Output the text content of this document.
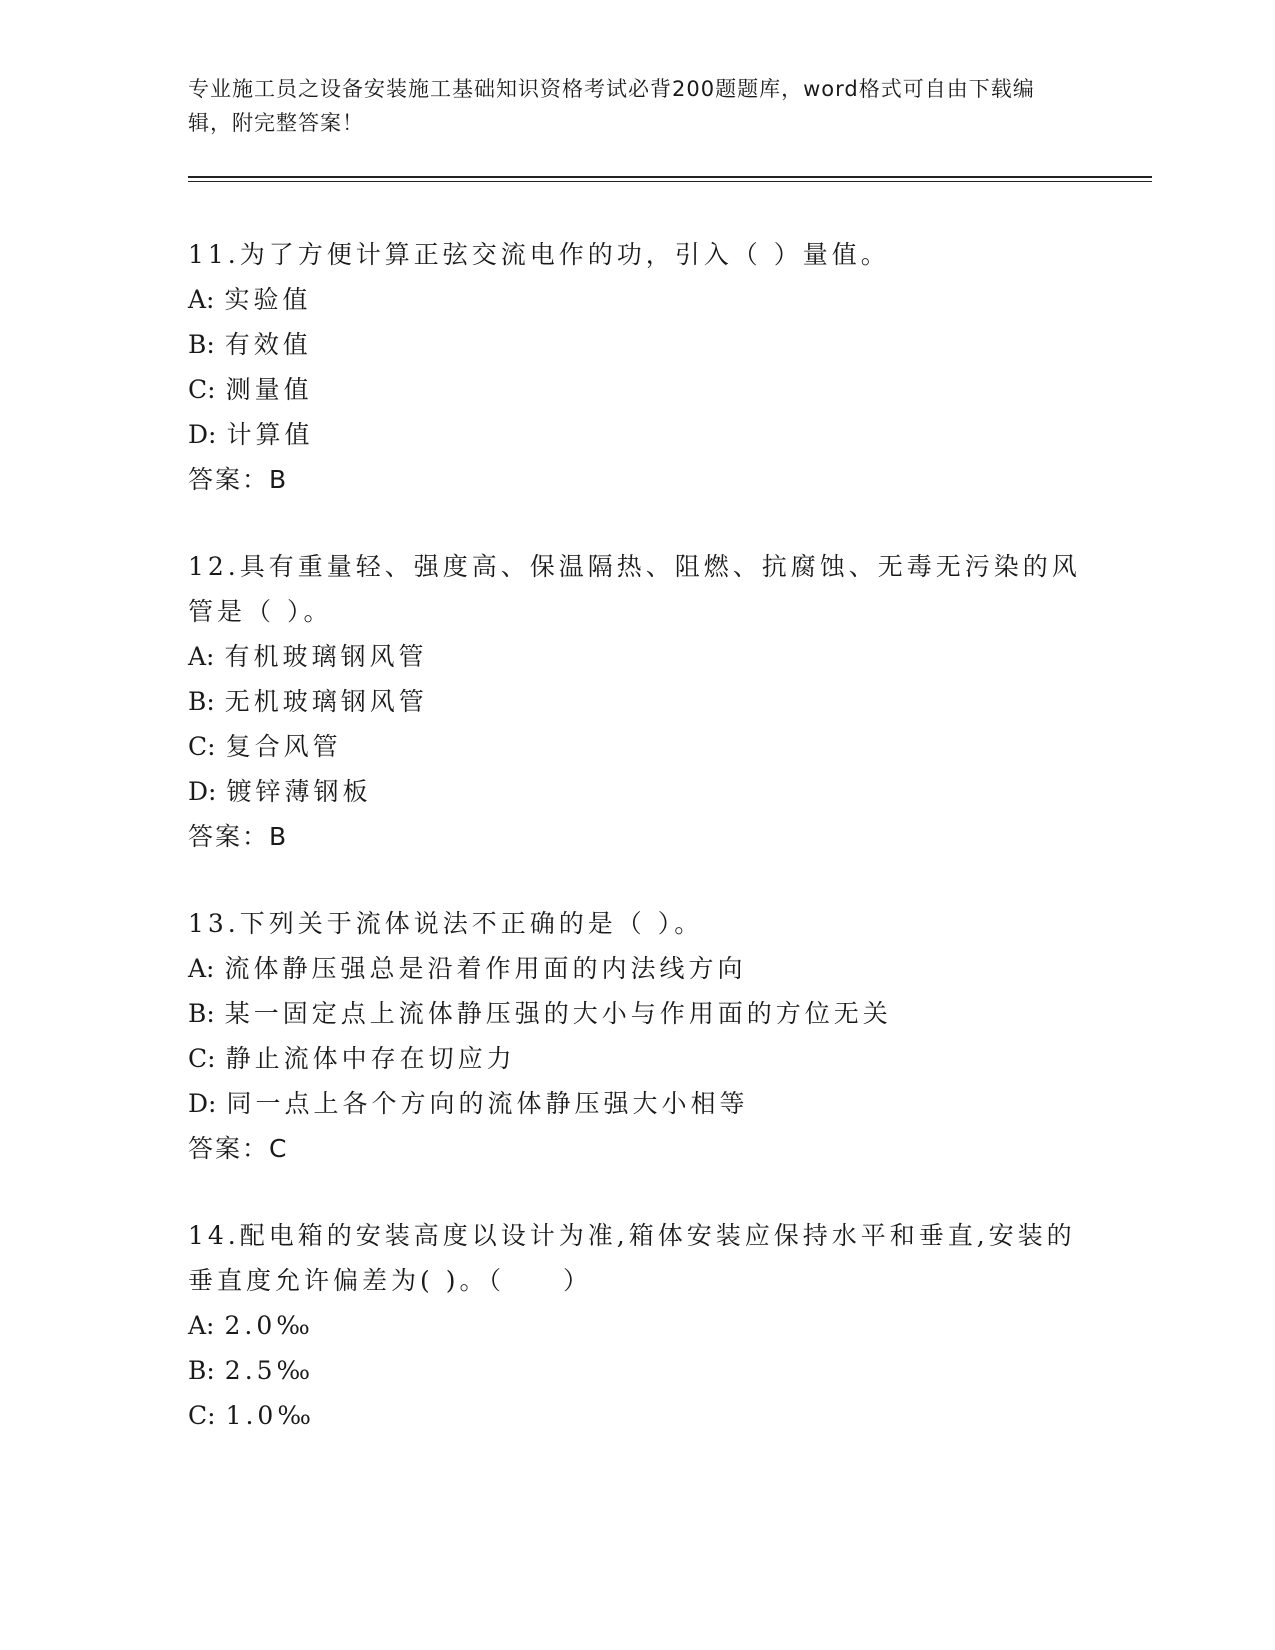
专业施工员之设备安装施工基础知识资格考试必背200题题库，word格式可自由下载编辑，附完整答案！

11.为了方便计算正弦交流电作的功，引入（ ）量值。

A: 实验值

B: 有效值

C: 测量值

D: 计算值

答案：B

12.具有重量轻、强度高、保温隔热、阻燃、抗腐蚀、无毒无污染的风管是（ ）。

A: 有机玻璃钢风管

B: 无机玻璃钢风管

C: 复合风管

D: 镀锌薄钢板

答案：B

13.下列关于流体说法不正确的是（ ）。

A: 流体静压强总是沿着作用面的内法线方向

B: 某一固定点上流体静压强的大小与作用面的方位无关

C: 静止流体中存在切应力

D: 同一点上各个方向的流体静压强大小相等

答案：C

14.配电箱的安装高度以设计为准,箱体安装应保持水平和垂直,安装的垂直度允许偏差为( )。（　　）

A: 2.0‰

B: 2.5‰

C: 1.0‰
